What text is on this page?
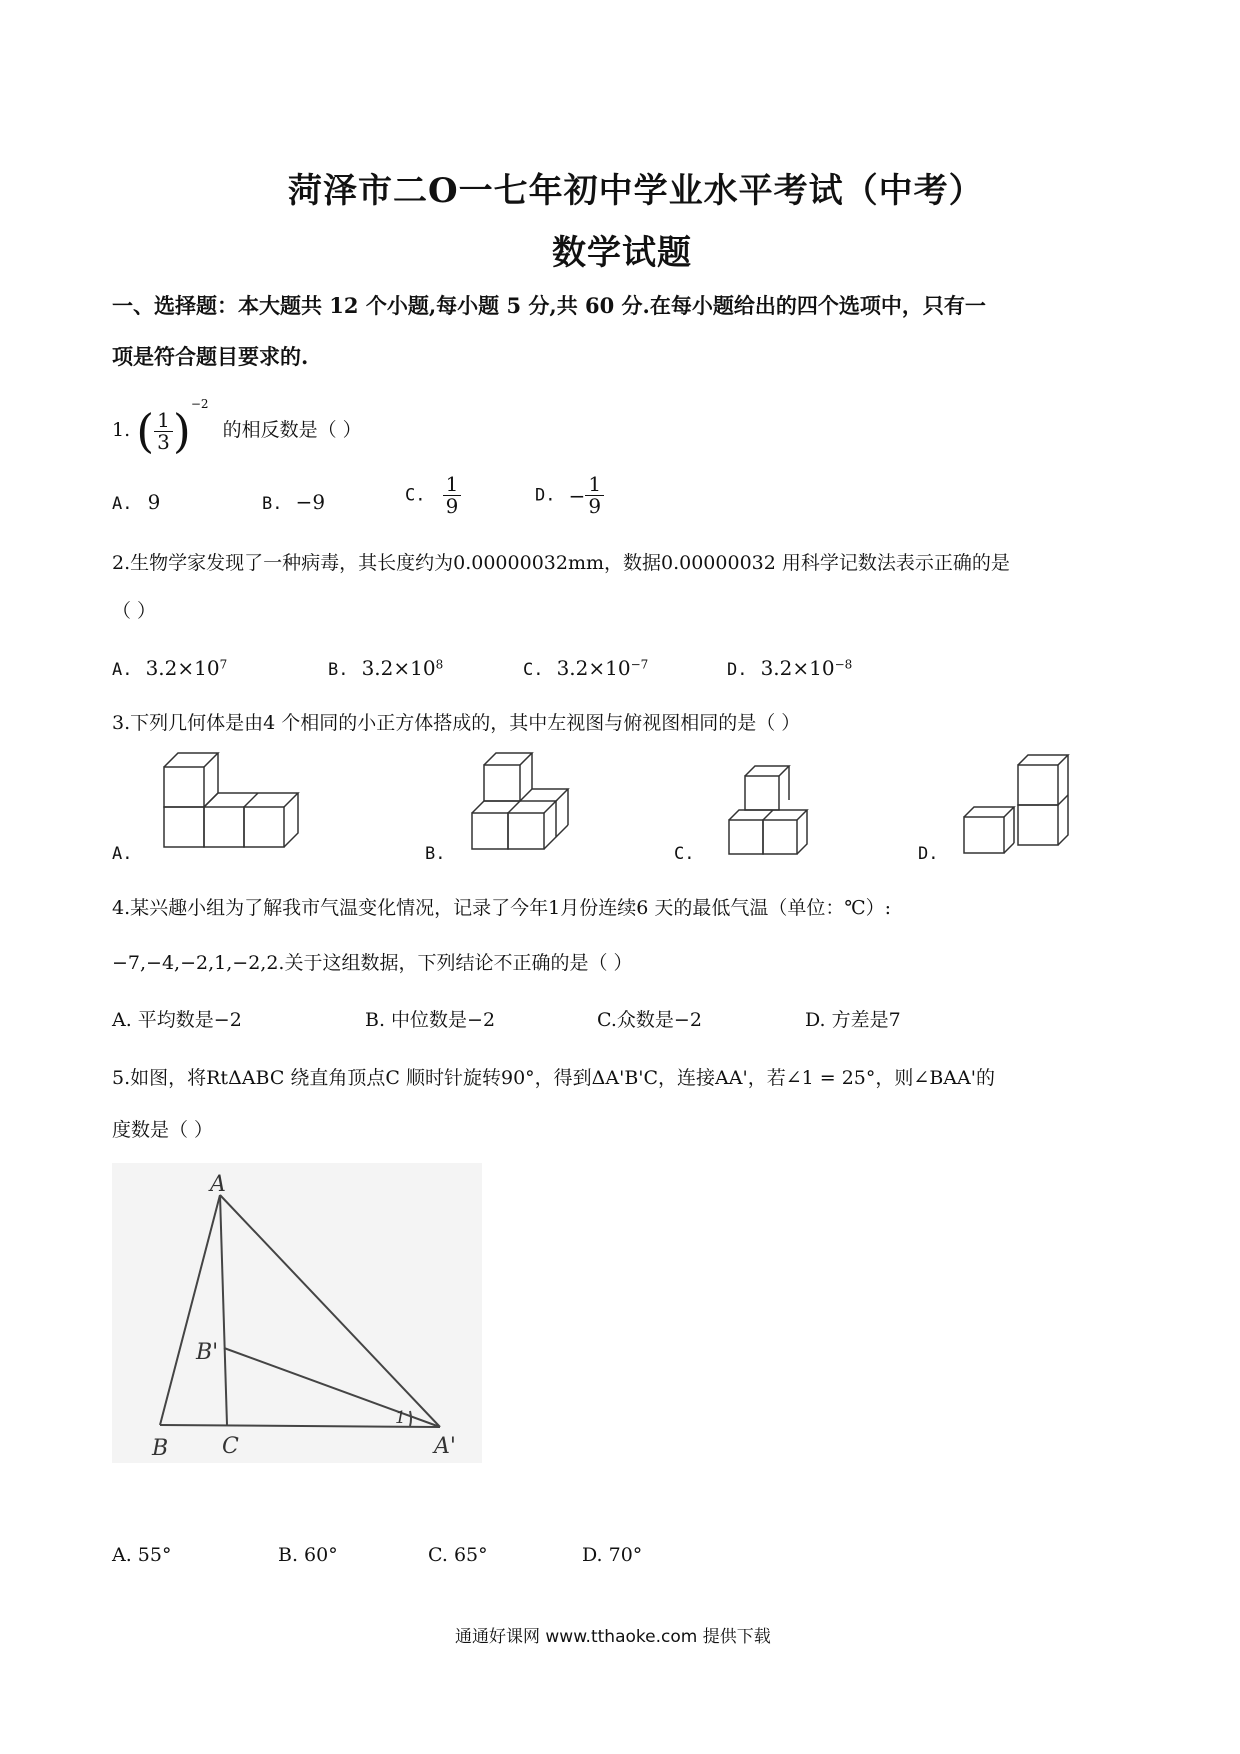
菏泽市二O一七年初中学业水平考试（中考）
数学试题
一、选择题：本大题共 12 个小题,每小题 5 分,共 60 分.在每小题给出的四个选项中，只有一
项是符合题目要求的.
1. ( $\frac{1}{3} )^{-2}$ 的相反数是（ ）
A. 9	B. −9	C. $\frac{1}{9}$	D. − $\frac{1}{9}$
2.生物学家发现了一种病毒，其长度约为0.00000032mm，数据0.00000032 用科学记数法表示正确的是
（ ）
A. $3.2\times 10^7$	B. $3.2\times 10^8$	C. $3.2\times 10^{-7}$	D. $3.2\times 10^{-8}$
3.下列几何体是由4 个相同的小正方体搭成的，其中左视图与俯视图相同的是（ ）
A.	B.	C.	D.
4.某兴趣小组为了解我市气温变化情况，记录了今年1月份连续6 天的最低气温（单位：℃）:
−7,−4,−2,1,−2,2.关于这组数据，下列结论不正确的是（ ）
A. 平均数是−2	B. 中位数是−2	C.众数是−2	D. 方差是7
5.如图，将RtΔABC 绕直角顶点C 顺时针旋转90°，得到ΔA'B'C，连接AA'，若∠1 = 25°，则∠BAA'的
度数是（ ）
A
B'
B C	A'
1
A. 55°	B. 60°	C. 65°	D. 70°
通通好课网 www.tthaoke.com 提供下载
